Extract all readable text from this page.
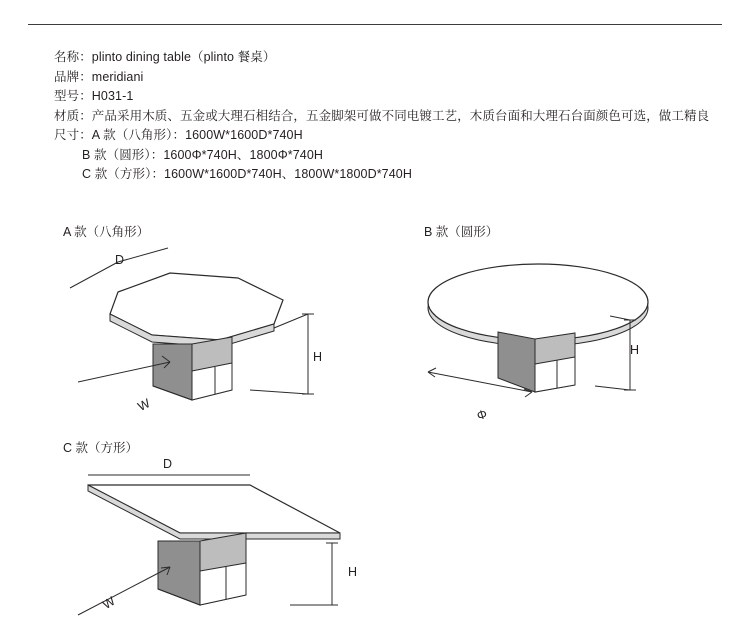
名称：plinto dining table（plinto 餐桌）
品牌：meridiani
型号：H031-1
材质：产品采用木质、五金或大理石相结合，五金脚架可做不同电镀工艺，木质台面和大理石台面颜色可选，做工精良
尺寸：A 款（八角形）：1600W*1600D*740H
B 款（圆形）：1600Φ*740H、1800Φ*740H
C 款（方形）：1600W*1600D*740H、1800W*1800D*740H
A 款（八角形）	B 款（圆形）
C 款（方形）
D
H
W
H
Φ
D
H
W
